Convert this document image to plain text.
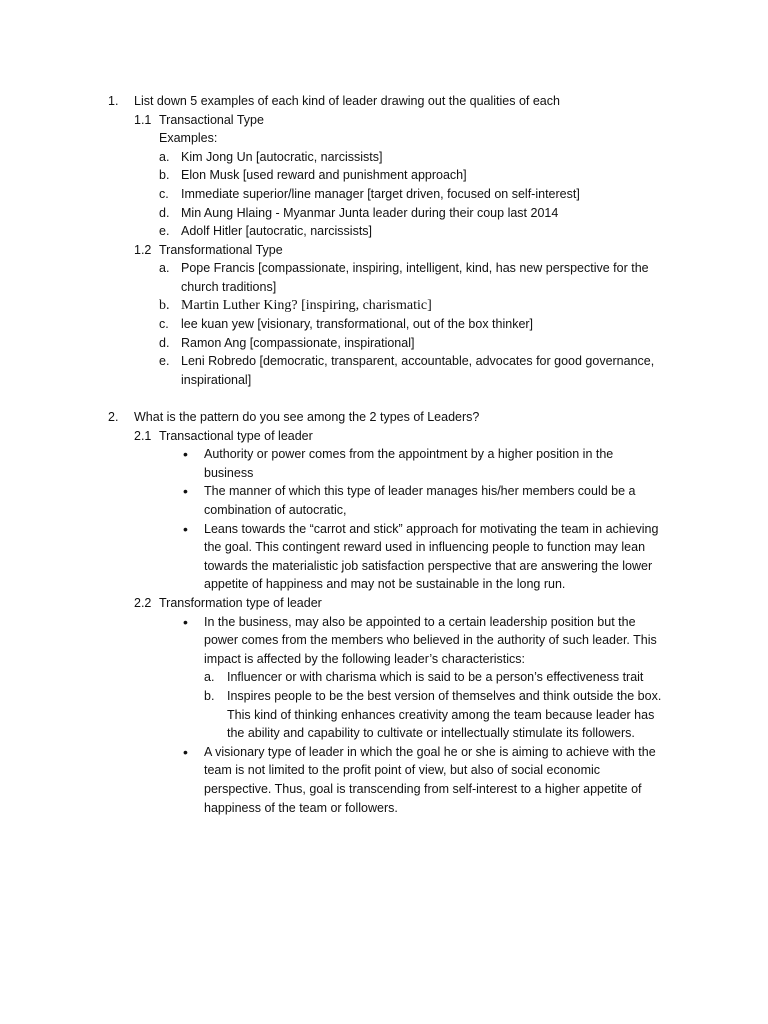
1. List down 5 examples of each kind of leader drawing out the qualities of each
1.1 Transactional Type
Examples:
a. Kim Jong Un [autocratic, narcissists]
b. Elon Musk [used reward and punishment approach]
c. Immediate superior/line manager [target driven, focused on self-interest]
d. Min Aung Hlaing - Myanmar Junta leader during their coup last 2014
e. Adolf Hitler [autocratic, narcissists]
1.2 Transformational Type
a. Pope Francis [compassionate, inspiring, intelligent, kind, has new perspective for the
church traditions]
b. Martin Luther King? [inspiring, charismatic]
c. lee kuan yew [visionary, transformational, out of the box thinker]
d. Ramon Ang [compassionate, inspirational]
e. Leni Robredo [democratic, transparent, accountable, advocates for good governance,
inspirational]
2. What is the pattern do you see among the 2 types of Leaders?
2.1 Transactional type of leader
• Authority or power comes from the appointment by a higher position in the
business
• The manner of which this type of leader manages his/her members could be a
combination of autocratic,
• Leans towards the “carrot and stick” approach for motivating the team in achieving
the goal. This contingent reward used in influencing people to function may lean
towards the materialistic job satisfaction perspective that are answering the lower
appetite of happiness and may not be sustainable in the long run.
2.2 Transformation type of leader
• In the business, may also be appointed to a certain leadership position but the
power comes from the members who believed in the authority of such leader. This
impact is affected by the following leader’s characteristics:
a. Influencer or with charisma which is said to be a person’s effectiveness trait
b. Inspires people to be the best version of themselves and think outside the box.
This kind of thinking enhances creativity among the team because leader has
the ability and capability to cultivate or intellectually stimulate its followers.
• A visionary type of leader in which the goal he or she is aiming to achieve with the
team is not limited to the profit point of view, but also of social economic
perspective. Thus, goal is transcending from self-interest to a higher appetite of
happiness of the team or followers.
